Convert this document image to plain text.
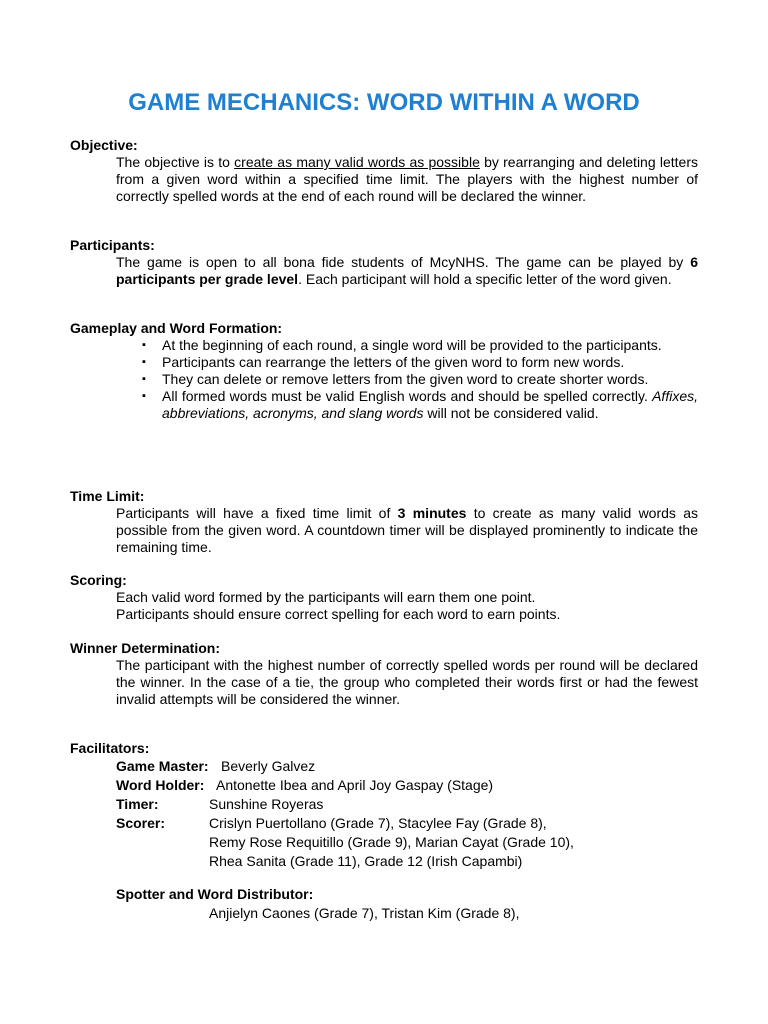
GAME MECHANICS: WORD WITHIN A WORD
Objective:
The objective is to create as many valid words as possible by rearranging and deleting letters from a given word within a specified time limit. The players with the highest number of correctly spelled words at the end of each round will be declared the winner.
Participants:
The game is open to all bona fide students of McyNHS. The game can be played by 6 participants per grade level. Each participant will hold a specific letter of the word given.
Gameplay and Word Formation:
▪ At the beginning of each round, a single word will be provided to the participants.
▪ Participants can rearrange the letters of the given word to form new words.
▪ They can delete or remove letters from the given word to create shorter words.
▪ All formed words must be valid English words and should be spelled correctly. Affixes, abbreviations, acronyms, and slang words will not be considered valid.
Time Limit:
Participants will have a fixed time limit of 3 minutes to create as many valid words as possible from the given word. A countdown timer will be displayed prominently to indicate the remaining time.
Scoring:
Each valid word formed by the participants will earn them one point.
Participants should ensure correct spelling for each word to earn points.
Winner Determination:
The participant with the highest number of correctly spelled words per round will be declared the winner. In the case of a tie, the group who completed their words first or had the fewest invalid attempts will be considered the winner.
Facilitators:
Game Master: Beverly Galvez
Word Holder: Antonette Ibea and April Joy Gaspay (Stage)
Timer:	Sunshine Royeras
Scorer:	Crislyn Puertollano (Grade 7), Stacylee Fay (Grade 8),
Remy Rose Requitillo (Grade 9), Marian Cayat (Grade 10),
Rhea Sanita (Grade 11), Grade 12 (Irish Capambi)
Spotter and Word Distributor:
Anjielyn Caones (Grade 7), Tristan Kim (Grade 8),
